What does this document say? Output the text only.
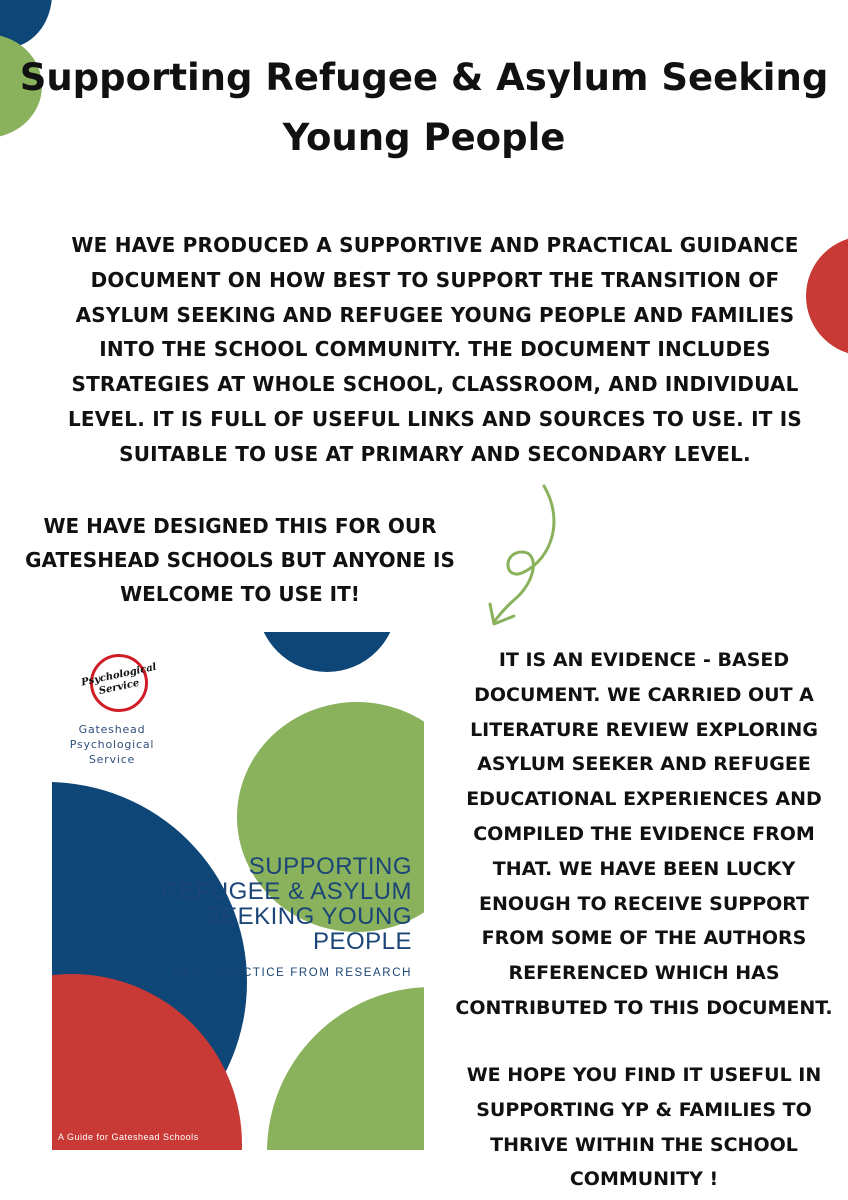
Supporting Refugee & Asylum Seeking Young People

WE HAVE PRODUCED A SUPPORTIVE AND PRACTICAL GUIDANCE DOCUMENT ON HOW BEST TO SUPPORT THE TRANSITION OF ASYLUM SEEKING AND REFUGEE YOUNG PEOPLE AND FAMILIES INTO THE SCHOOL COMMUNITY. THE DOCUMENT INCLUDES STRATEGIES AT WHOLE SCHOOL, CLASSROOM, AND INDIVIDUAL LEVEL. IT IS FULL OF USEFUL LINKS AND SOURCES TO USE. IT IS SUITABLE TO USE AT PRIMARY AND SECONDARY LEVEL.

WE HAVE DESIGNED THIS FOR OUR GATESHEAD SCHOOLS BUT ANYONE IS WELCOME TO USE IT!

Psychological Service
Gateshead Psychological Service
SUPPORTING REFUGEE & ASYLUM SEEKING YOUNG PEOPLE
BEST PRACTICE FROM RESEARCH
A Guide for Gateshead Schools

IT IS AN EVIDENCE - BASED DOCUMENT. WE CARRIED OUT A LITERATURE REVIEW EXPLORING ASYLUM SEEKER AND REFUGEE EDUCATIONAL EXPERIENCES AND COMPILED THE EVIDENCE FROM THAT. WE HAVE BEEN LUCKY ENOUGH TO RECEIVE SUPPORT FROM SOME OF THE AUTHORS REFERENCED WHICH HAS CONTRIBUTED TO THIS DOCUMENT.

WE HOPE YOU FIND IT USEFUL IN SUPPORTING YP & FAMILIES TO THRIVE WITHIN THE SCHOOL COMMUNITY !
